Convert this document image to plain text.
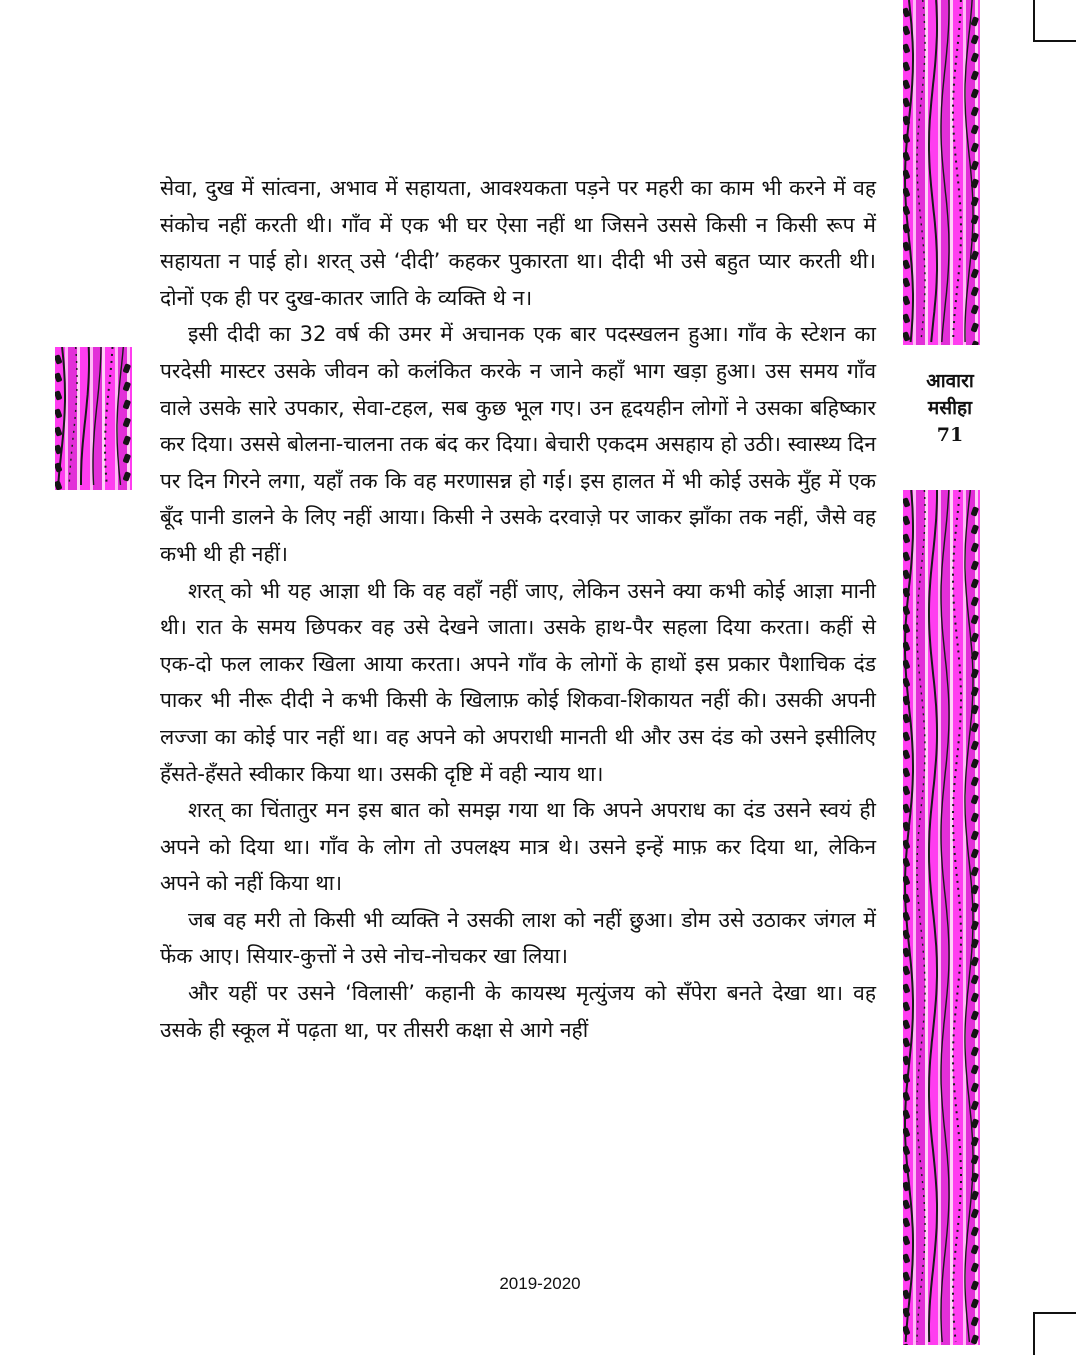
आवारा
मसीहा
71

सेवा, दुख में सांत्वना, अभाव में सहायता, आवश्यकता पड़ने पर महरी का काम भी करने में वह संकोच नहीं करती थी। गाँव में एक भी घर ऐसा नहीं था जिसने उससे किसी न किसी रूप में सहायता न पाई हो। शरत् उसे ‘दीदी’ कहकर पुकारता था। दीदी भी उसे बहुत प्यार करती थी। दोनों एक ही पर दुख-कातर जाति के व्यक्ति थे न।

इसी दीदी का 32 वर्ष की उमर में अचानक एक बार पदस्खलन हुआ। गाँव के स्टेशन का परदेसी मास्टर उसके जीवन को कलंकित करके न जाने कहाँ भाग खड़ा हुआ। उस समय गाँव वाले उसके सारे उपकार, सेवा-टहल, सब कुछ भूल गए। उन हृदयहीन लोगों ने उसका बहिष्कार कर दिया। उससे बोलना-चालना तक बंद कर दिया। बेचारी एकदम असहाय हो उठी। स्वास्थ्य दिन पर दिन गिरने लगा, यहाँ तक कि वह मरणासन्न हो गई। इस हालत में भी कोई उसके मुँह में एक बूँद पानी डालने के लिए नहीं आया। किसी ने उसके दरवाज़े पर जाकर झाँका तक नहीं, जैसे वह कभी थी ही नहीं।

शरत् को भी यह आज्ञा थी कि वह वहाँ नहीं जाए, लेकिन उसने क्या कभी कोई आज्ञा मानी थी। रात के समय छिपकर वह उसे देखने जाता। उसके हाथ-पैर सहला दिया करता। कहीं से एक-दो फल लाकर खिला आया करता। अपने गाँव के लोगों के हाथों इस प्रकार पैशाचिक दंड पाकर भी नीरू दीदी ने कभी किसी के खिलाफ़ कोई शिकवा-शिकायत नहीं की। उसकी अपनी लज्जा का कोई पार नहीं था। वह अपने को अपराधी मानती थी और उस दंड को उसने इसीलिए हँसते-हँसते स्वीकार किया था। उसकी दृष्टि में वही न्याय था।

शरत् का चिंतातुर मन इस बात को समझ गया था कि अपने अपराध का दंड उसने स्वयं ही अपने को दिया था। गाँव के लोग तो उपलक्ष्य मात्र थे। उसने इन्हें माफ़ कर दिया था, लेकिन अपने को नहीं किया था।

जब वह मरी तो किसी भी व्यक्ति ने उसकी लाश को नहीं छुआ। डोम उसे उठाकर जंगल में फेंक आए। सियार-कुत्तों ने उसे नोच-नोचकर खा लिया।

और यहीं पर उसने ‘विलासी’ कहानी के कायस्थ मृत्युंजय को सँपेरा बनते देखा था। वह उसके ही स्कूल में पढ़ता था, पर तीसरी कक्षा से आगे नहीं

2019-2020
